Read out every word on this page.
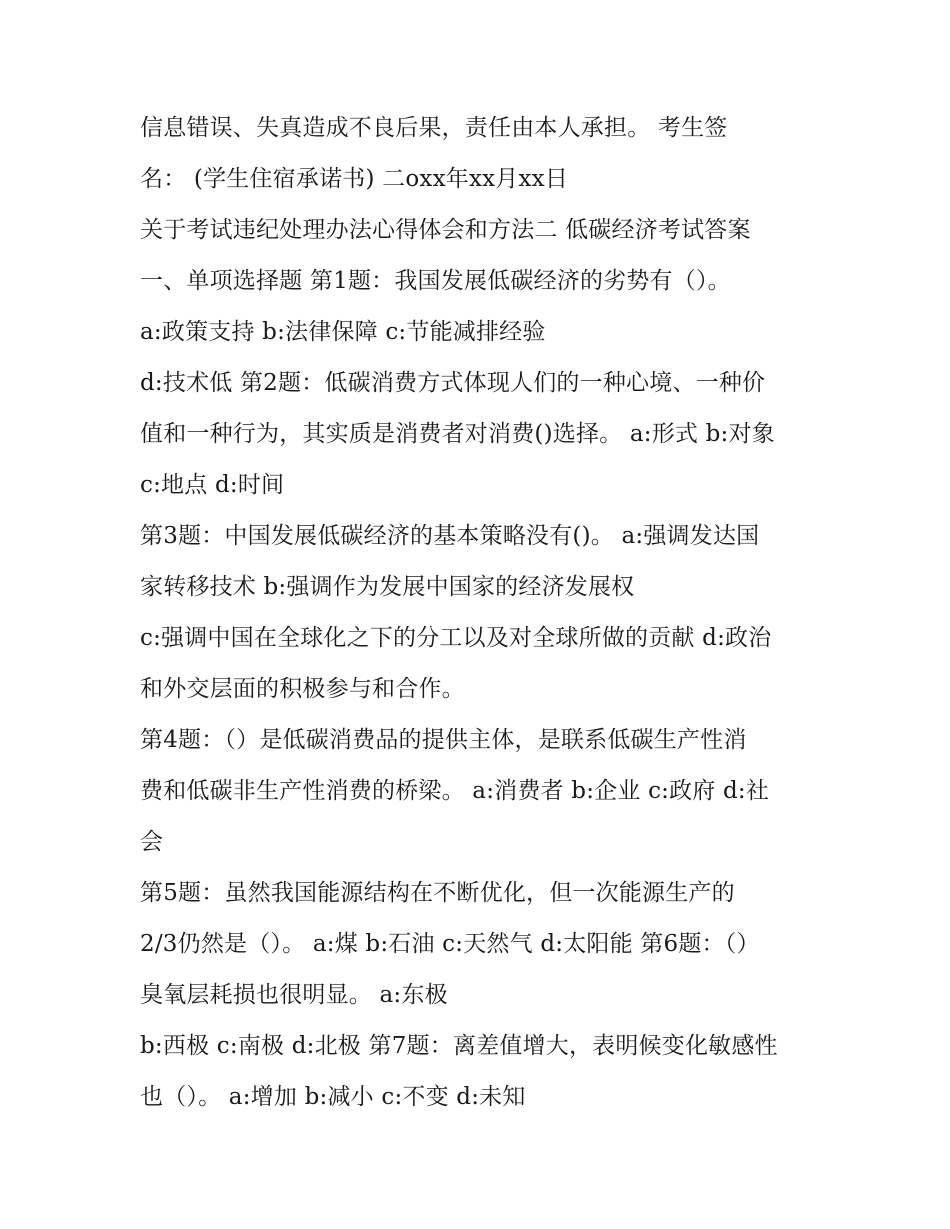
信息错误、失真造成不良后果，责任由本人承担。 考生签
名： (学生住宿承诺书) 二oxx年xx月xx日
关于考试违纪处理办法心得体会和方法二 低碳经济考试答案
一、单项选择题 第1题：我国发展低碳经济的劣势有（）。
a:政策支持 b:法律保障 c:节能减排经验
d:技术低 第2题：低碳消费方式体现人们的一种心境、一种价
值和一种行为，其实质是消费者对消费()选择。 a:形式 b:对象
c:地点 d:时间
第3题：中国发展低碳经济的基本策略没有()。 a:强调发达国
家转移技术 b:强调作为发展中国家的经济发展权
c:强调中国在全球化之下的分工以及对全球所做的贡献 d:政治
和外交层面的积极参与和合作。
第4题：（）是低碳消费品的提供主体，是联系低碳生产性消
费和低碳非生产性消费的桥梁。 a:消费者 b:企业 c:政府 d:社
会
第5题：虽然我国能源结构在不断优化，但一次能源生产的
2/3仍然是（）。 a:煤 b:石油 c:天然气 d:太阳能 第6题：（）
臭氧层耗损也很明显。 a:东极
b:西极 c:南极 d:北极 第7题：离差值增大，表明候变化敏感性
也（）。 a:增加 b:减小 c:不变 d:未知
